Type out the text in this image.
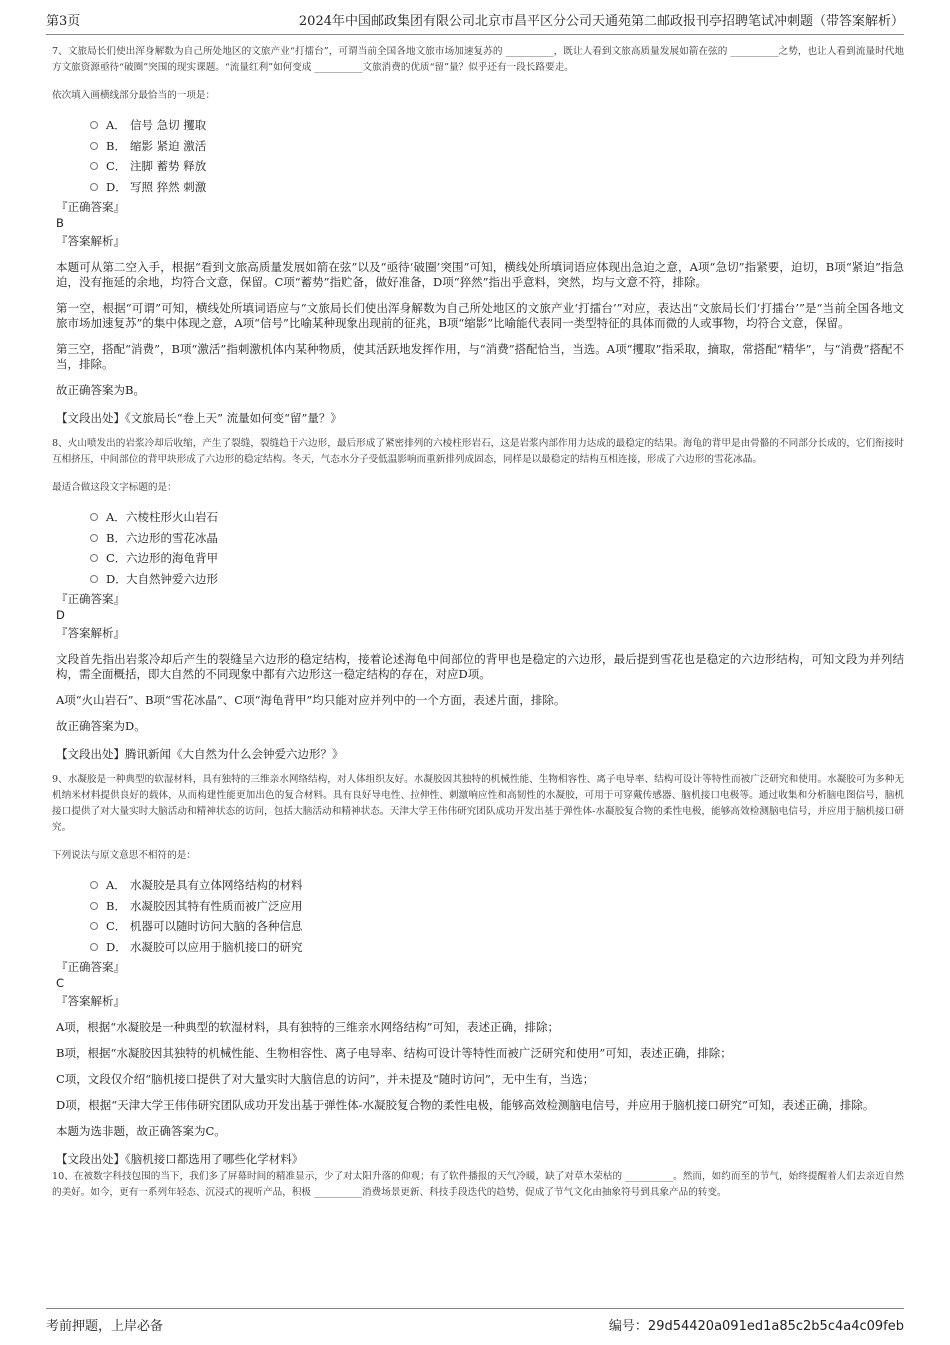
第3页	2024年中国邮政集团有限公司北京市昌平区分公司天通苑第二邮政报刊亭招聘笔试冲刺题（带答案解析）

7、文旅局长们使出浑身解数为自己所处地区的文旅产业“打擂台”，可谓当前全国各地文旅市场加速复苏的 __________，既让人看到文旅高质量发展如箭在弦的 __________之势，也让人看到流量时代地方文旅资源亟待“破圈”突围的现实课题。“流量红利”如何变成 __________文旅消费的优质“留”量？似乎还有一段长路要走。

依次填入画横线部分最恰当的一项是：

A． 信号 急切 攫取
B． 缩影 紧迫 激活
C． 注脚 蓄势 释放
D． 写照 猝然 刺激

『正确答案』

B

『答案解析』

本题可从第二空入手，根据“看到文旅高质量发展如箭在弦”以及“亟待‘破圈’突围”可知，横线处所填词语应体现出急迫之意，A项“急切”指紧要，迫切，B项“紧迫”指急迫，没有拖延的余地，均符合文意，保留。C项“蓄势”指贮备，做好准备，D项“猝然”指出乎意料，突然，均与文意不符，排除。

第一空，根据“可谓”可知，横线处所填词语应与“文旅局长们使出浑身解数为自己所处地区的文旅产业‘打擂台’”对应，表达出“文旅局长们‘打擂台’”是“当前全国各地文旅市场加速复苏”的集中体现之意，A项“信号”比喻某种现象出现前的征兆，B项“缩影”比喻能代表同一类型特征的具体而微的人或事物，均符合文意，保留。

第三空，搭配“消费”，B项“激活”指刺激机体内某种物质，使其活跃地发挥作用，与“消费”搭配恰当，当选。A项“攫取”指采取，摘取，常搭配“精华”，与“消费”搭配不当，排除。

故正确答案为B。

【文段出处】《文旅局长“卷上天” 流量如何变“留”量？》

8、火山喷发出的岩浆冷却后收缩，产生了裂缝，裂缝趋于六边形，最后形成了紧密排列的六棱柱形岩石，这是岩浆内部作用力达成的最稳定的结果。海龟的背甲是由骨骼的不同部分长成的，它们衔接时互相挤压，中间部位的背甲块形成了六边形的稳定结构。冬天，气态水分子受低温影响而重新排列成固态，同样是以最稳定的结构互相连接，形成了六边形的雪花冰晶。

最适合做这段文字标题的是：

A． 六棱柱形火山岩石
B． 六边形的雪花冰晶
C． 六边形的海龟背甲
D． 大自然钟爱六边形

『正确答案』

D

『答案解析』

文段首先指出岩浆冷却后产生的裂缝呈六边形的稳定结构，接着论述海龟中间部位的背甲也是稳定的六边形，最后提到雪花也是稳定的六边形结构，可知文段为并列结构，需全面概括，即大自然的不同现象中都有六边形这一稳定结构的存在，对应D项。

A项“火山岩石”、B项“雪花冰晶”、C项“海龟背甲”均只能对应并列中的一个方面，表述片面，排除。

故正确答案为D。

【文段出处】腾讯新闻《大自然为什么会钟爱六边形？》

9、水凝胶是一种典型的软湿材料，具有独特的三维亲水网络结构，对人体组织友好。水凝胶因其独特的机械性能、生物相容性、离子电导率、结构可设计等特性而被广泛研究和使用。水凝胶可为多种无机纳米材料提供良好的载体，从而构建性能更加出色的复合材料。具有良好导电性、拉伸性、刺激响应性和高韧性的水凝胶，可用于可穿戴传感器、脑机接口电极等。通过收集和分析脑电图信号，脑机接口提供了对大量实时大脑活动和精神状态的访问，包括大脑活动和精神状态。天津大学王伟伟研究团队成功开发出基于弹性体-水凝胶复合物的柔性电极，能够高效检测脑电信号，并应用于脑机接口研究。

下列说法与原文意思不相符的是：

A． 水凝胶是具有立体网络结构的材料
B． 水凝胶因其特有性质而被广泛应用
C． 机器可以随时访问大脑的各种信息
D． 水凝胶可以应用于脑机接口的研究

『正确答案』

C

『答案解析』

A项，根据“水凝胶是一种典型的软湿材料，具有独特的三维亲水网络结构”可知，表述正确，排除；

B项，根据“水凝胶因其独特的机械性能、生物相容性、离子电导率、结构可设计等特性而被广泛研究和使用”可知，表述正确，排除；

C项，文段仅介绍“脑机接口提供了对大量实时大脑信息的访问”，并未提及“随时访问”，无中生有，当选；

D项，根据“天津大学王伟伟研究团队成功开发出基于弹性体-水凝胶复合物的柔性电极，能够高效检测脑电信号，并应用于脑机接口研究”可知，表述正确，排除。

本题为选非题，故正确答案为C。

【文段出处】《脑机接口都选用了哪些化学材料》

10、在被数字科技包围的当下，我们多了屏幕时间的精准显示，少了对太阳升落的仰观；有了软件播报的天气冷暖，缺了对草木荣枯的 __________。然而，如约而至的节气，始终提醒着人们去亲近自然的美好。如今，更有一系列年轻态、沉浸式的视听产品，积极 __________消费场景更新、科技手段迭代的趋势，促成了节气文化由抽象符号到具象产品的转变。

考前押题，上岸必备	编号：29d54420a091ed1a85c2b5c4a4c09feb
